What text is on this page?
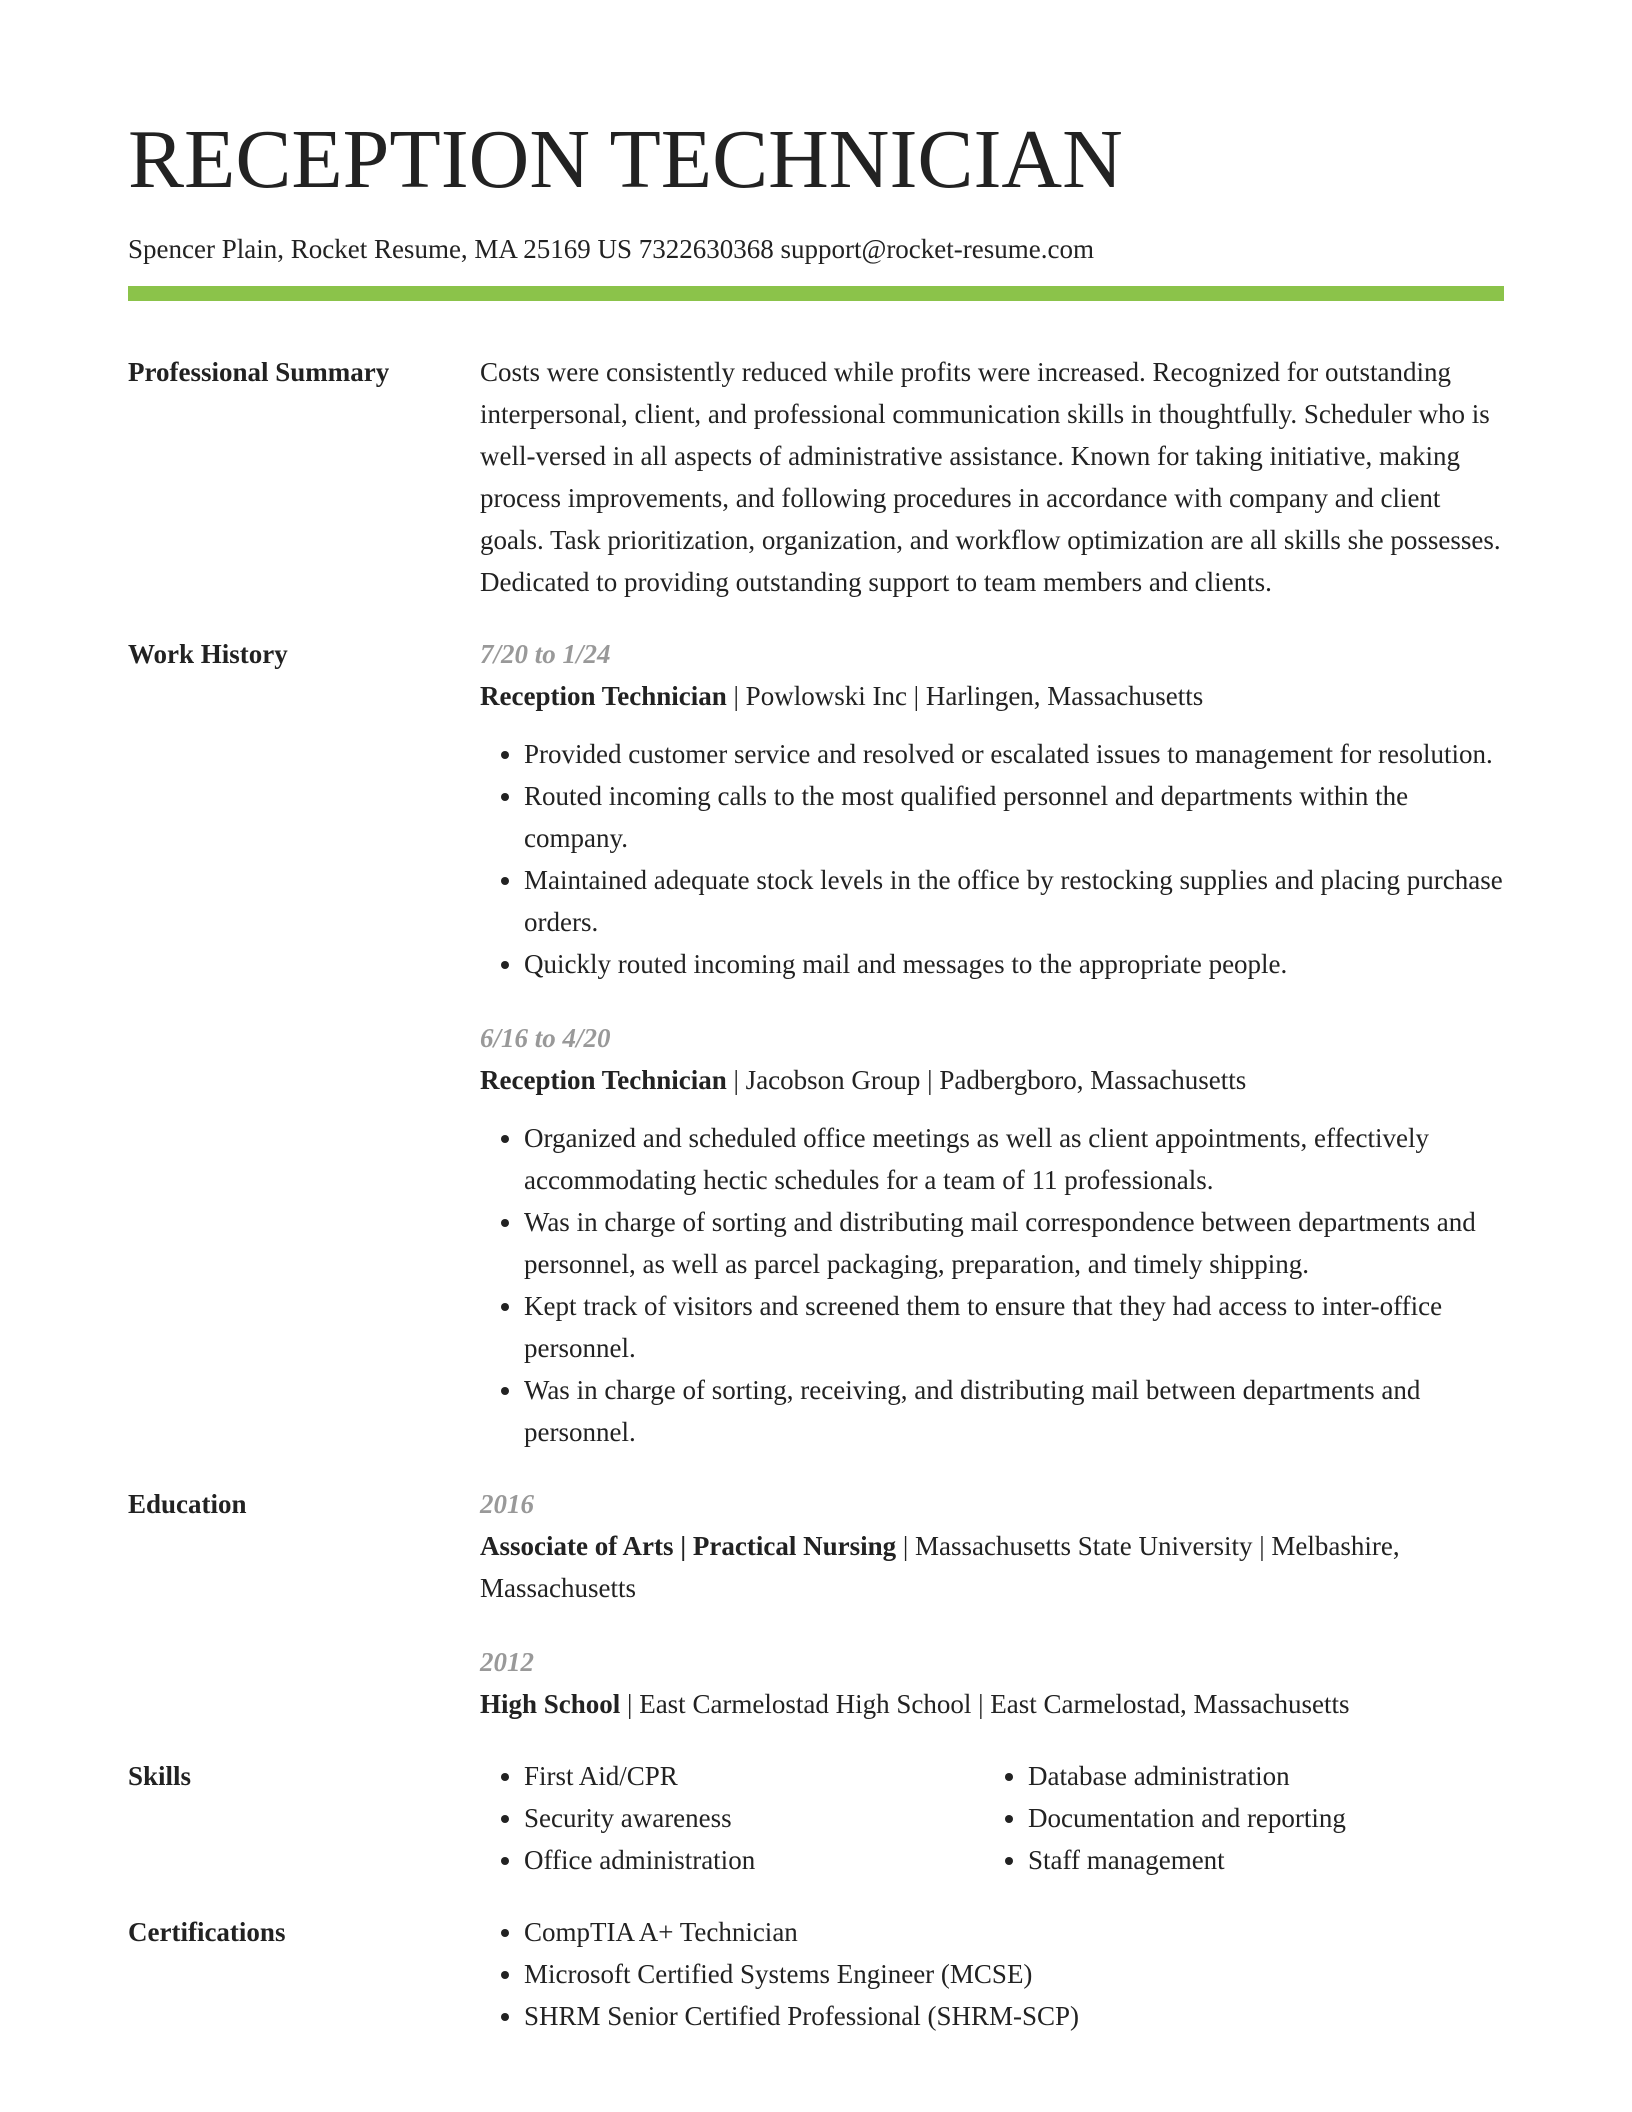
RECEPTION TECHNICIAN
Spencer Plain, Rocket Resume, MA 25169 US 7322630368 support@rocket-resume.com
Professional Summary	Costs were consistently reduced while profits were increased. Recognized for outstanding interpersonal, client, and professional communication skills in thoughtfully. Scheduler who is well-versed in all aspects of administrative assistance. Known for taking initiative, making process improvements, and following procedures in accordance with company and client goals. Task prioritization, organization, and workflow optimization are all skills she possesses. Dedicated to providing outstanding support to team members and clients.

Work History	7/20 to 1/24
Reception Technician | Powlowski Inc | Harlingen, Massachusetts
• Provided customer service and resolved or escalated issues to management for resolution.
• Routed incoming calls to the most qualified personnel and departments within the company.
• Maintained adequate stock levels in the office by restocking supplies and placing purchase orders.
• Quickly routed incoming mail and messages to the appropriate people.
6/16 to 4/20
Reception Technician | Jacobson Group | Padbergboro, Massachusetts
• Organized and scheduled office meetings as well as client appointments, effectively accommodating hectic schedules for a team of 11 professionals.
• Was in charge of sorting and distributing mail correspondence between departments and personnel, as well as parcel packaging, preparation, and timely shipping.
• Kept track of visitors and screened them to ensure that they had access to inter-office personnel.
• Was in charge of sorting, receiving, and distributing mail between departments and personnel.
Education	2016
Associate of Arts | Practical Nursing | Massachusetts State University | Melbashire, Massachusetts
2012
High School | East Carmelostad High School | East Carmelostad, Massachusetts
Skills	• First Aid/CPR
• Security awareness
• Office administration
• Database administration
• Documentation and reporting
• Staff management
Certifications	• CompTIA A+ Technician
• Microsoft Certified Systems Engineer (MCSE)
• SHRM Senior Certified Professional (SHRM-SCP)
